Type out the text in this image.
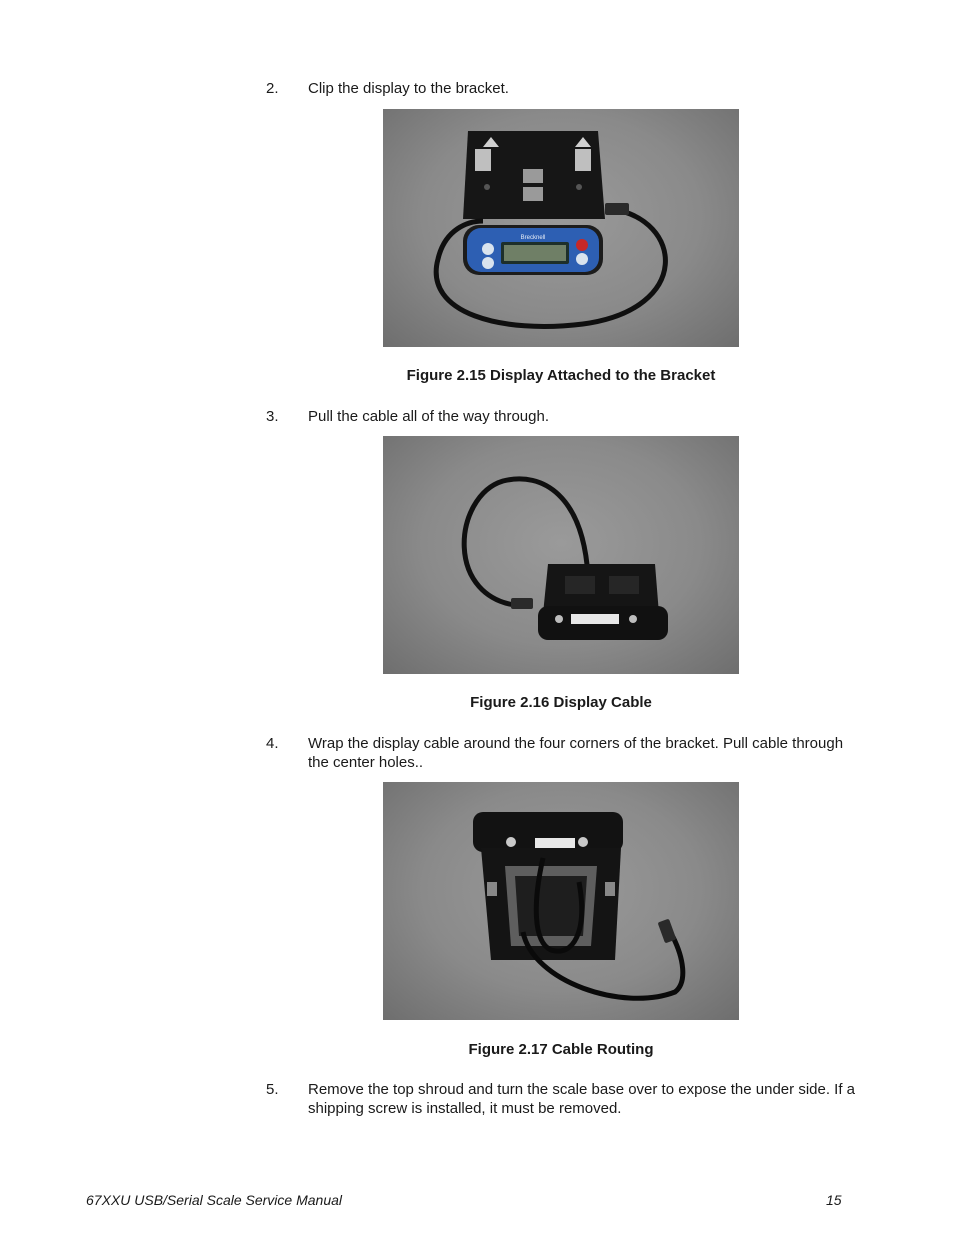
2. Clip the display to the bracket.
Brecknell
Figure 2.15 Display Attached to the Bracket
3. Pull the cable all of the way through.
Figure 2.16 Display Cable
4. Wrap the display cable around the four corners of the bracket. Pull cable through the center holes..
Figure 2.17 Cable Routing
5. Remove the top shroud and turn the scale base over to expose the under side. If a shipping screw is installed, it must be removed.
67XXU USB/Serial Scale Service Manual	15
